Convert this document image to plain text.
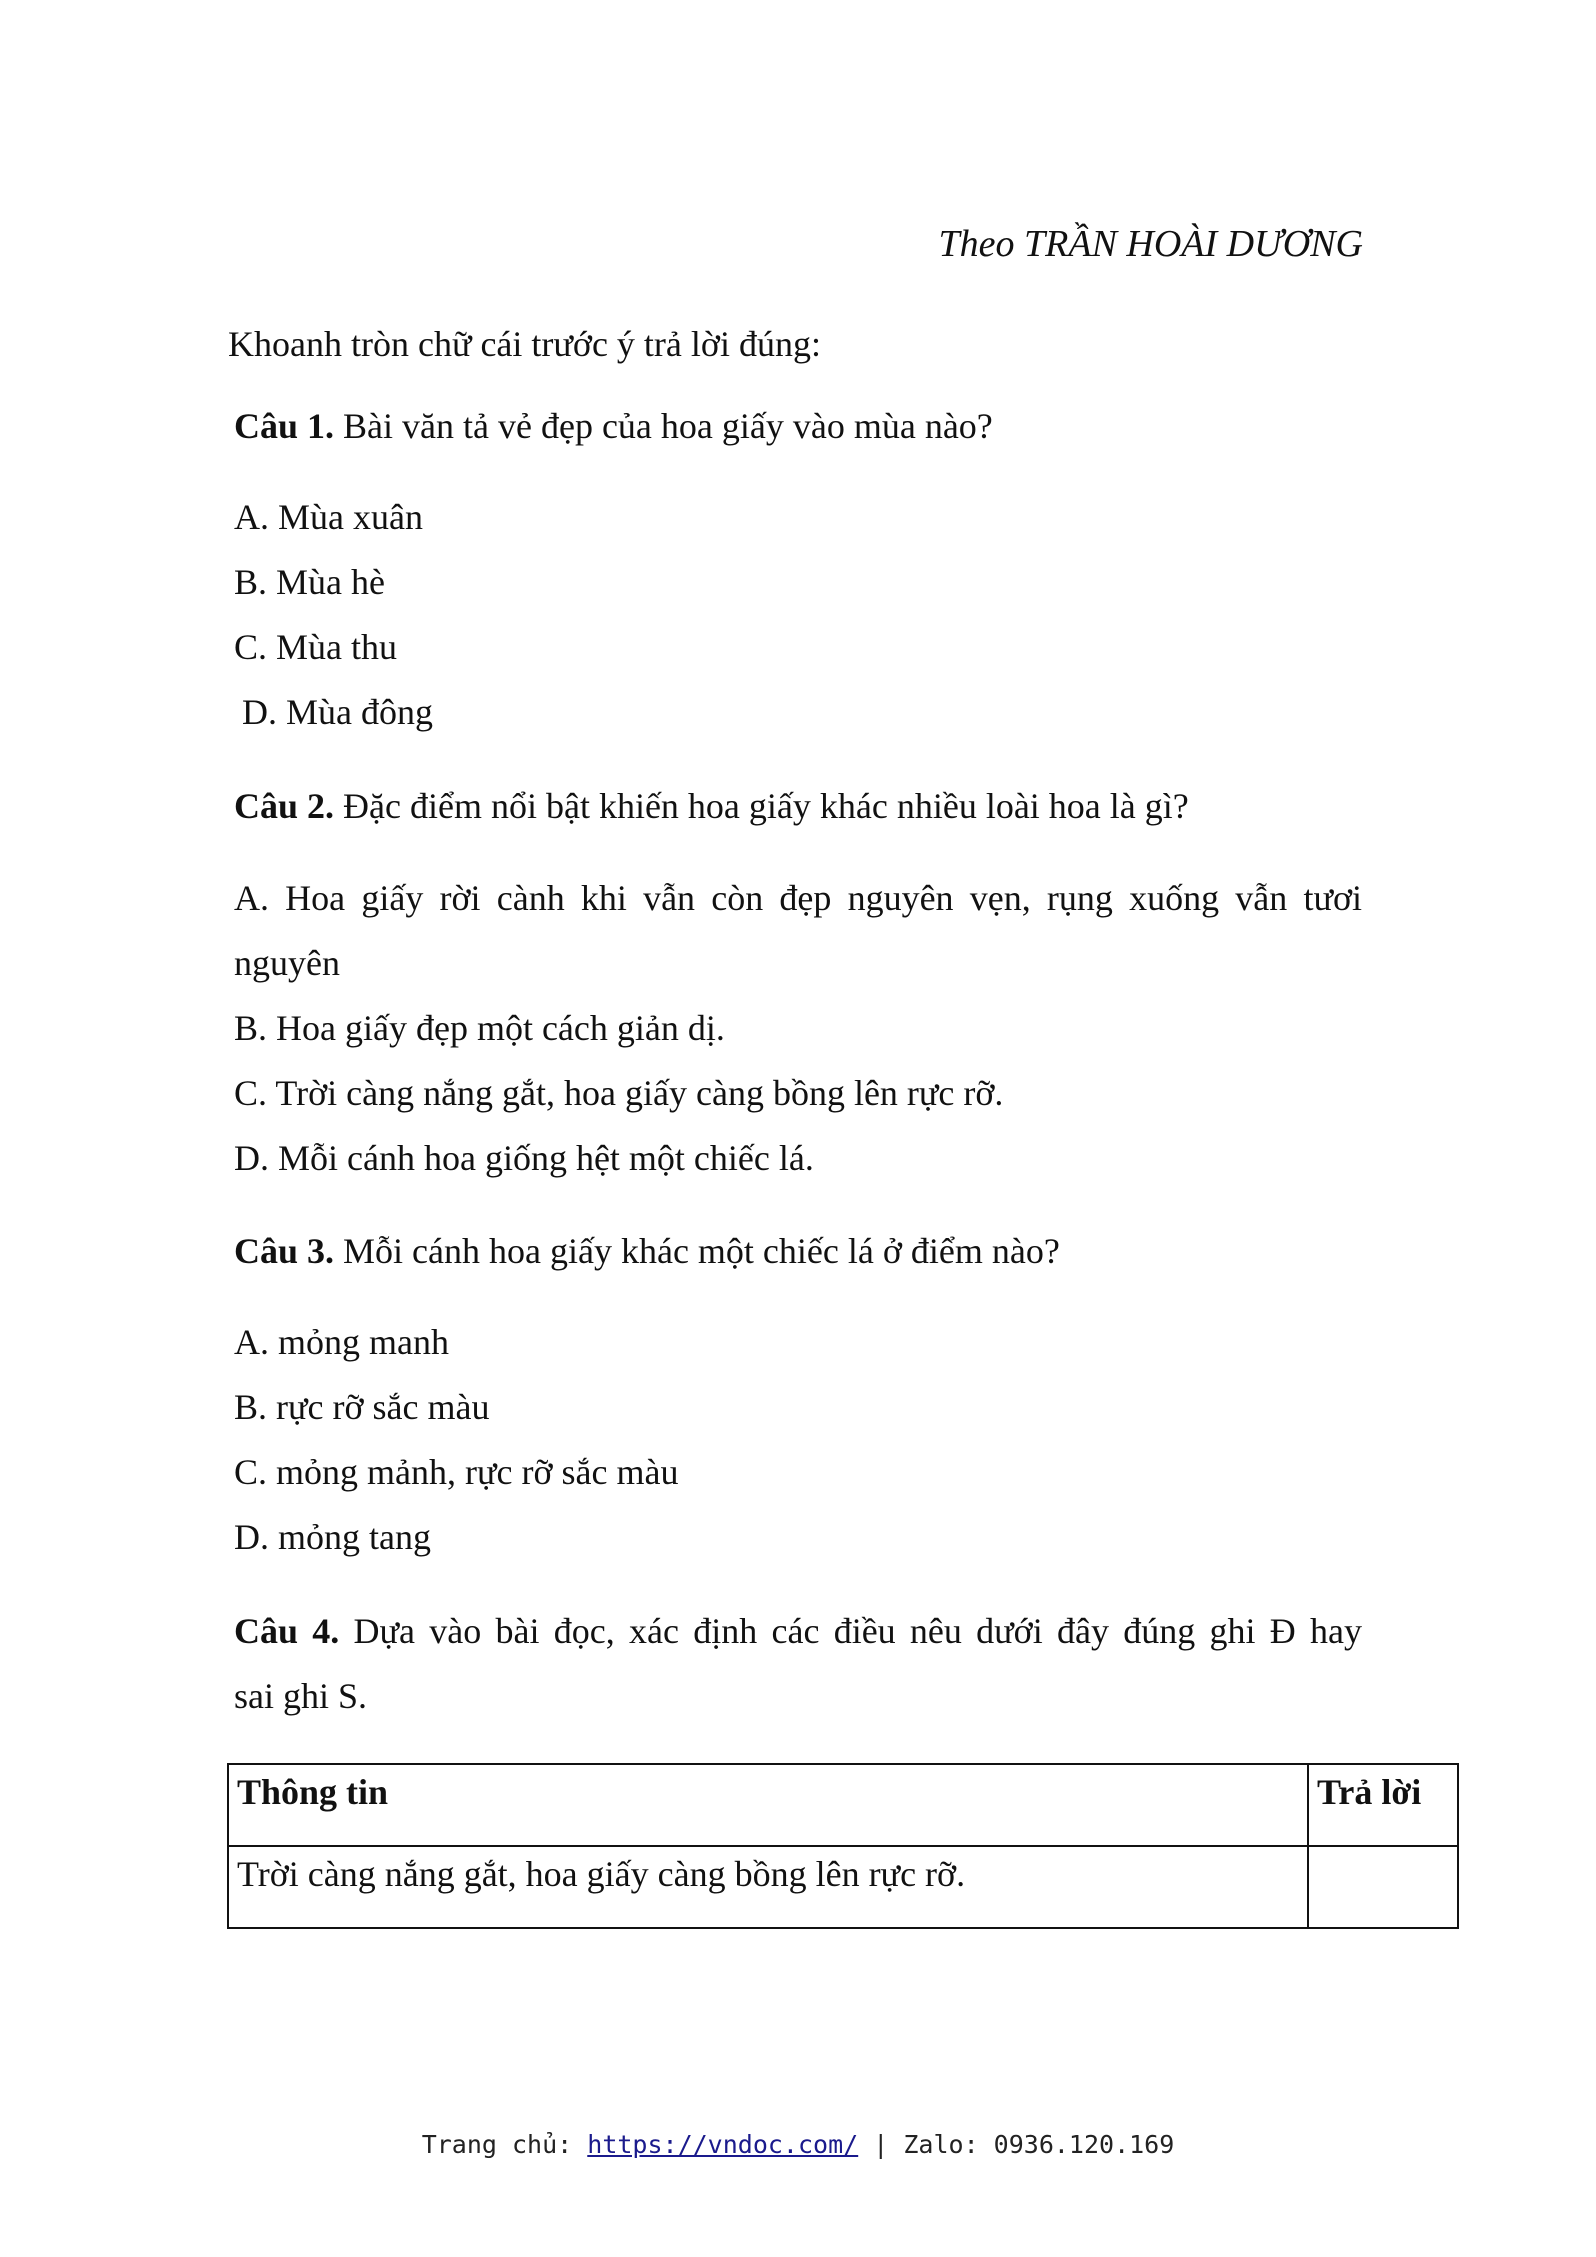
Theo TRẦN HOÀI DƯƠNG
Khoanh tròn chữ cái trước ý trả lời đúng:
Câu 1. Bài văn tả vẻ đẹp của hoa giấy vào mùa nào?
A. Mùa xuân
B. Mùa hè
C. Mùa thu
D. Mùa đông
Câu 2. Đặc điểm nổi bật khiến hoa giấy khác nhiều loài hoa là gì?
A. Hoa giấy rời cành khi vẫn còn đẹp nguyên vẹn, rụng xuống vẫn tươi
nguyên
B. Hoa giấy đẹp một cách giản dị.
C. Trời càng nắng gắt, hoa giấy càng bồng lên rực rỡ.
D. Mỗi cánh hoa giống hệt một chiếc lá.
Câu 3. Mỗi cánh hoa giấy khác một chiếc lá ở điểm nào?
A. mỏng manh
B. rực rỡ sắc màu
C. mỏng mảnh, rực rỡ sắc màu
D. mỏng tang
Câu 4. Dựa vào bài đọc, xác định các điều nêu dưới đây đúng ghi Đ hay
sai ghi S.
Thông tin	Trả lời
Trời càng nắng gắt, hoa giấy càng bồng lên rực rỡ.	
Trang chủ: https://vndoc.com/ | Zalo: 0936.120.169
